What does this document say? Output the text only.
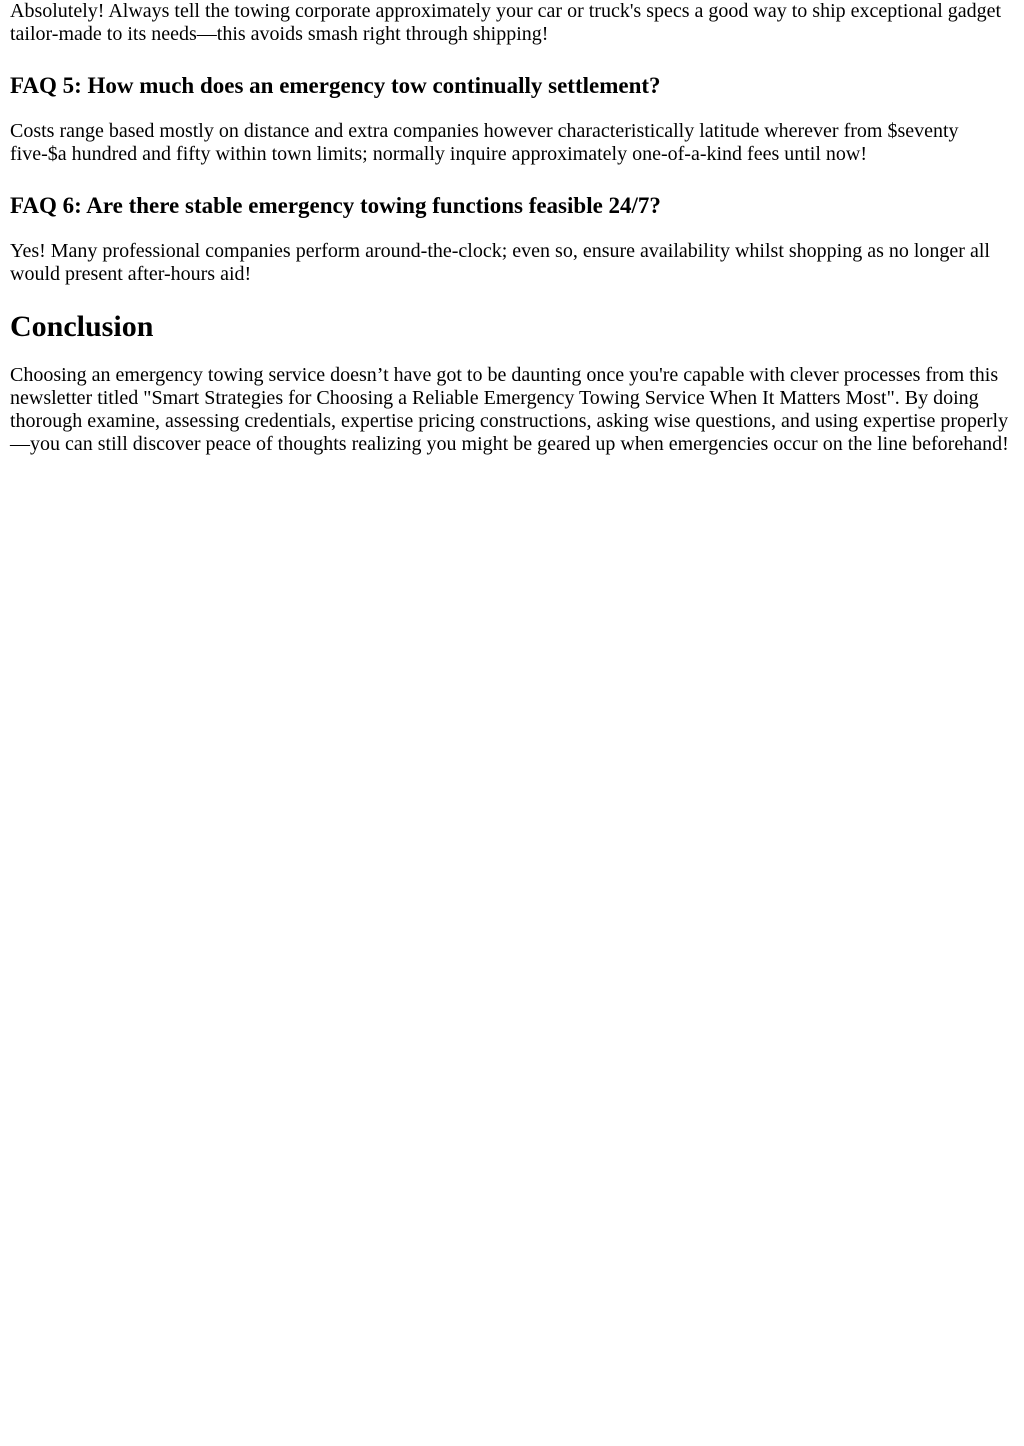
Absolutely! Always tell the towing corporate approximately your car or truck's specs a good way to ship exceptional gadget tailor-made to its needs—this avoids smash right through shipping!

FAQ 5: How much does an emergency tow continually settlement?

Costs range based mostly on distance and extra companies however characteristically latitude wherever from $seventy five-$a hundred and fifty within town limits; normally inquire approximately one-of-a-kind fees until now!

FAQ 6: Are there stable emergency towing functions feasible 24/7?

Yes! Many professional companies perform around-the-clock; even so, ensure availability whilst shopping as no longer all would present after-hours aid!

Conclusion

Choosing an emergency towing service doesn’t have got to be daunting once you're capable with clever processes from this newsletter titled "Smart Strategies for Choosing a Reliable Emergency Towing Service When It Matters Most". By doing thorough examine, assessing credentials, expertise pricing constructions, asking wise questions, and using expertise properly—you can still discover peace of thoughts realizing you might be geared up when emergencies occur on the line beforehand!
